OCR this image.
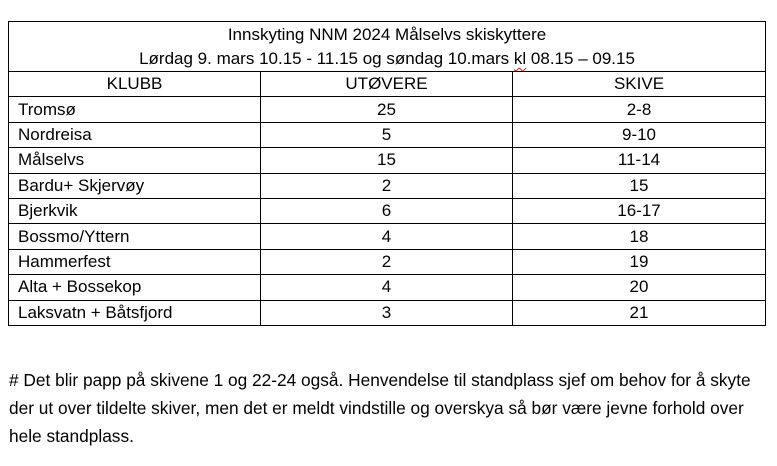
Innskyting NNM 2024 Målselvs skiskyttere
Lørdag 9. mars 10.15 - 11.15 og søndag 10.mars kl 08.15 – 09.15		

KLUBB	UTØVERE	SKIVE
Tromsø	25	2-8
Nordreisa	5	9-10
Målselvs	15	11-14
Bardu+ Skjervøy	2	15
Bjerkvik	6	16-17
Bossmo/Yttern	4	18
Hammerfest	2	19
Alta + Bossekop	4	20
Laksvatn + Båtsfjord	3	21

# Det blir papp på skivene 1 og 22-24 også. Henvendelse til standplass sjef om behov for å skyte der ut over tildelte skiver, men det er meldt vindstille og overskya så bør være jevne forhold over hele standplass.
